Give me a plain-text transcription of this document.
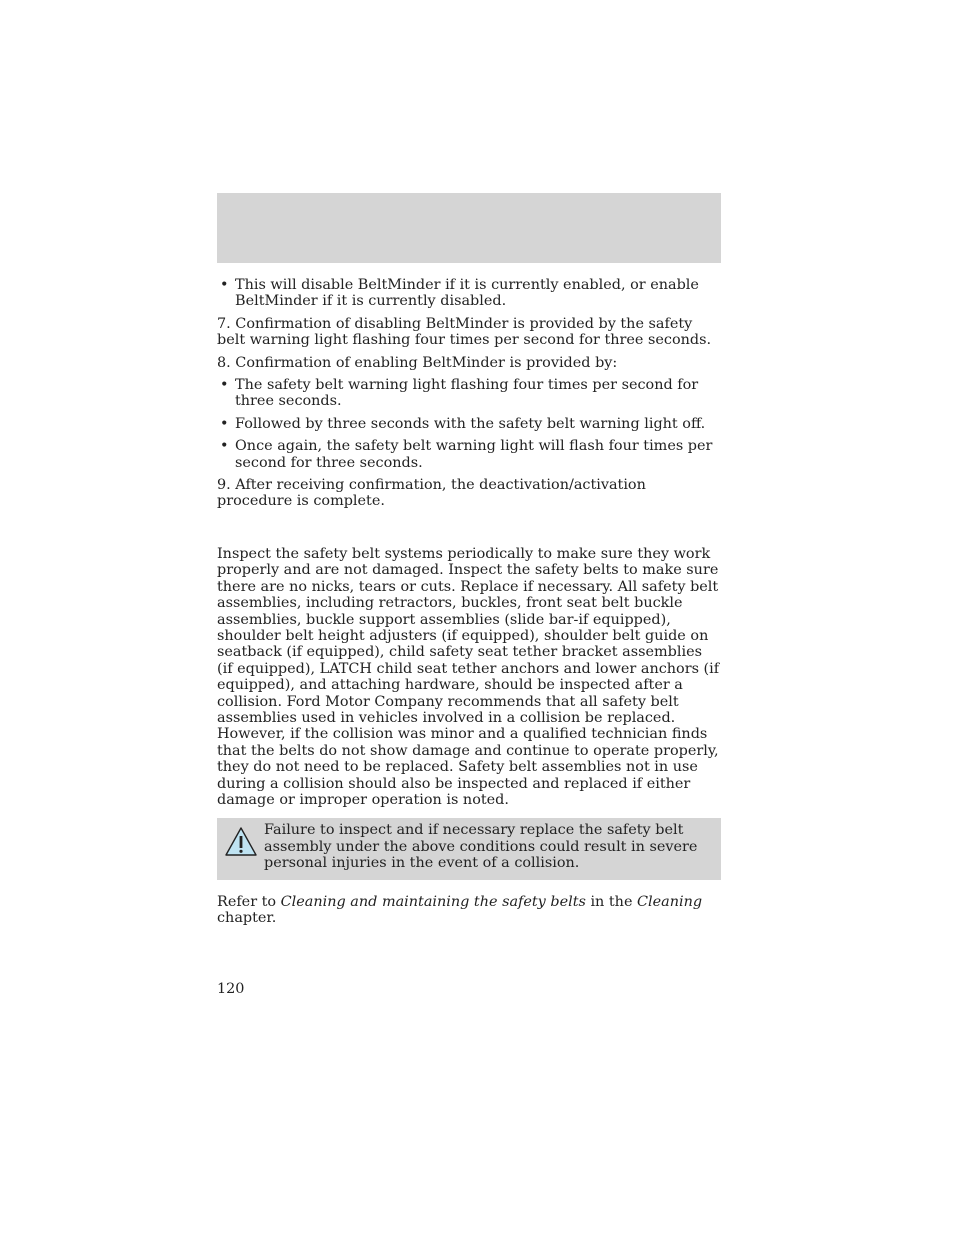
• This will disable BeltMinder if it is currently enabled, or enable BeltMinder if it is currently disabled.

7. Confirmation of disabling BeltMinder is provided by the safety belt warning light flashing four times per second for three seconds.

8. Confirmation of enabling BeltMinder is provided by:

• The safety belt warning light flashing four times per second for three seconds.

• Followed by three seconds with the safety belt warning light off.

• Once again, the safety belt warning light will flash four times per second for three seconds.

9. After receiving confirmation, the deactivation/activation procedure is complete.

Inspect the safety belt systems periodically to make sure they work properly and are not damaged. Inspect the safety belts to make sure there are no nicks, tears or cuts. Replace if necessary. All safety belt assemblies, including retractors, buckles, front seat belt buckle assemblies, buckle support assemblies (slide bar-if equipped), shoulder belt height adjusters (if equipped), shoulder belt guide on seatback (if equipped), child safety seat tether bracket assemblies (if equipped), LATCH child seat tether anchors and lower anchors (if equipped), and attaching hardware, should be inspected after a collision. Ford Motor Company recommends that all safety belt assemblies used in vehicles involved in a collision be replaced. However, if the collision was minor and a qualified technician finds that the belts do not show damage and continue to operate properly, they do not need to be replaced. Safety belt assemblies not in use during a collision should also be inspected and replaced if either damage or improper operation is noted.

Failure to inspect and if necessary replace the safety belt assembly under the above conditions could result in severe personal injuries in the event of a collision.

Refer to Cleaning and maintaining the safety belts in the Cleaning chapter.

120
